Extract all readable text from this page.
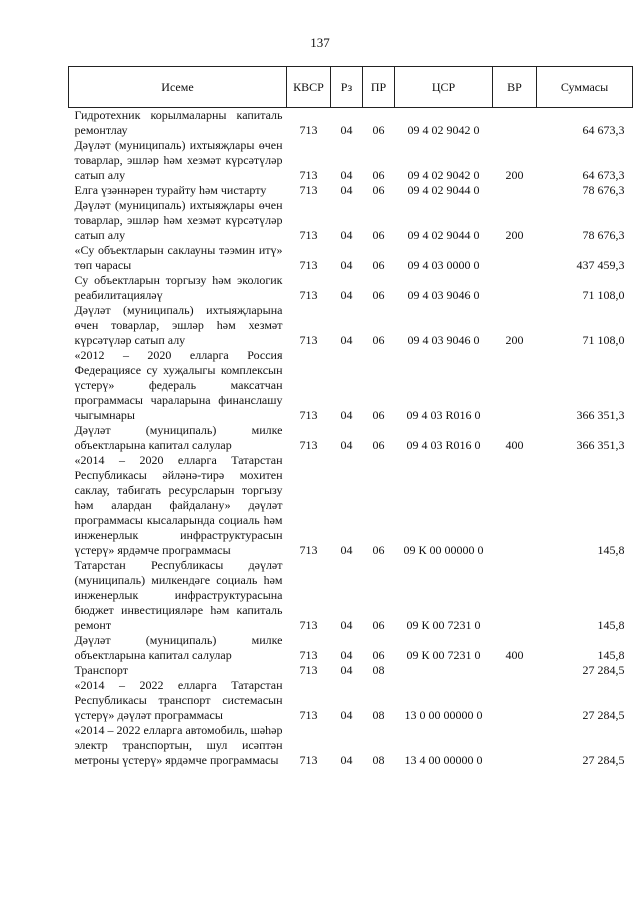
137
Исеме	КВСР	Рз	ПР	ЦСР	ВР	Суммасы
Гидротехник корылмаларны капиталь ремонтлау	713	04	06	09 4 02 9042 0		64 673,3
Дәүләт (муниципаль) ихтыяҗлары өчен товарлар, эшләр һәм хезмәт күрсәтүләр сатып алу	713	04	06	09 4 02 9042 0	200	64 673,3
Елга үзәннәрен турайту һәм чистарту	713	04	06	09 4 02 9044 0		78 676,3
Дәүләт (муниципаль) ихтыяҗлары өчен товарлар, эшләр һәм хезмәт күрсәтүләр сатып алу	713	04	06	09 4 02 9044 0	200	78 676,3
«Су объектларын саклауны тәэмин итү» төп чарасы	713	04	06	09 4 03 0000 0		437 459,3
Су объектларын торгызу һәм экологик реабилитацияләү	713	04	06	09 4 03 9046 0		71 108,0
Дәүләт (муниципаль) ихтыяҗларына өчен товарлар, эшләр һәм хезмәт күрсәтүләр сатып алу	713	04	06	09 4 03 9046 0	200	71 108,0
«2012 – 2020 елларга Россия Федерациясе су хуҗалыгы комплексын үстерү» федераль максатчан программасы чараларына финанслашу чыгымнары	713	04	06	09 4 03 R016 0		366 351,3
Дәүләт (муниципаль) милке объектларына капитал салулар	713	04	06	09 4 03 R016 0	400	366 351,3
«2014 – 2020 елларга Татарстан Республикасы әйләнә-тирә мохитен саклау, табигать ресурсларын торгызу һәм алардан файдалану» дәүләт программасы кысаларында социаль һәм инженерлык инфраструктурасын үстерү» ярдәмче программасы	713	04	06	09 К 00 00000 0		145,8
Татарстан Республикасы дәүләт (муниципаль) милкендәге социаль һәм инженерлык инфраструктурасына бюджет инвестицияләре һәм капиталь ремонт	713	04	06	09 К 00 7231 0		145,8
Дәүләт (муниципаль) милке объектларына капитал салулар	713	04	06	09 К 00 7231 0	400	145,8
Транспорт	713	04	08			27 284,5
«2014 – 2022 елларга Татарстан Республикасы транспорт системасын үстерү» дәүләт программасы	713	04	08	13 0 00 00000 0		27 284,5
«2014 – 2022 елларга автомобиль, шәһәр электр транспортын, шул исәптән метроны үстерү» ярдәмче программасы	713	04	08	13 4 00 00000 0		27 284,5
